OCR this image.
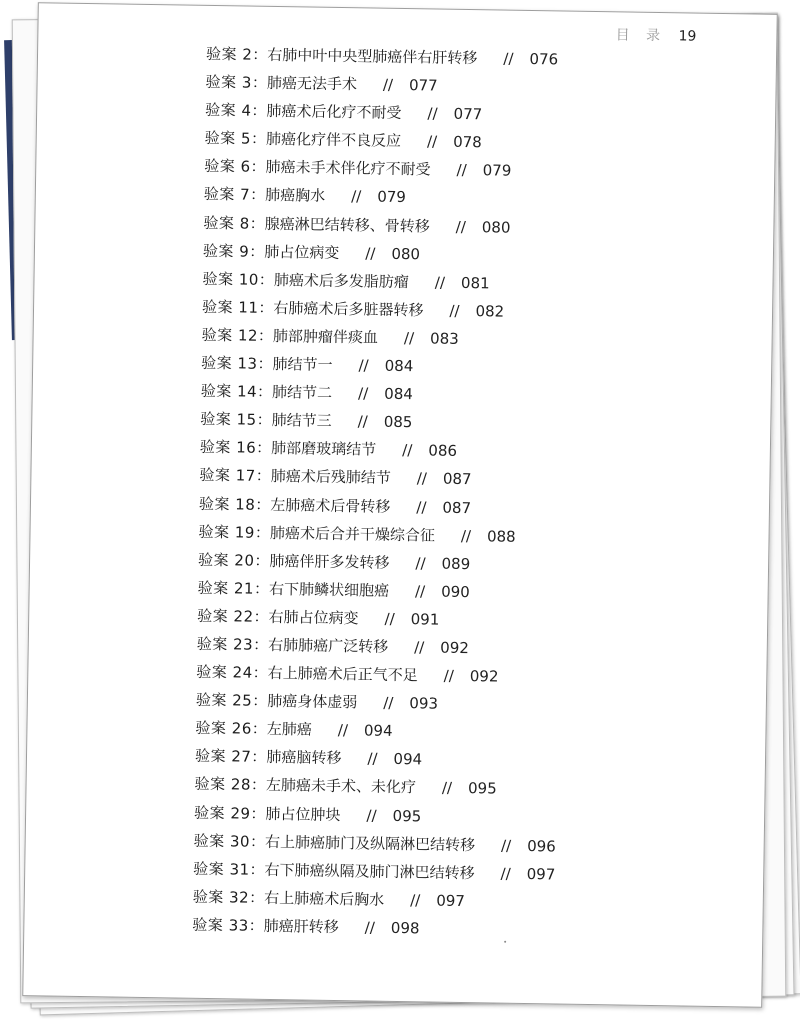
目 录 19
验案 2：右肺中叶中央型肺癌伴右肝转移 // 076
验案 3：肺癌无法手术 // 077
验案 4：肺癌术后化疗不耐受 // 077
验案 5：肺癌化疗伴不良反应 // 078
验案 6：肺癌未手术伴化疗不耐受 // 079
验案 7：肺癌胸水 // 079
验案 8：腺癌淋巴结转移、骨转移 // 080
验案 9：肺占位病变 // 080
验案 10：肺癌术后多发脂肪瘤 // 081
验案 11：右肺癌术后多脏器转移 // 082
验案 12：肺部肿瘤伴痰血 // 083
验案 13：肺结节一 // 084
验案 14：肺结节二 // 084
验案 15：肺结节三 // 085
验案 16：肺部磨玻璃结节 // 086
验案 17：肺癌术后残肺结节 // 087
验案 18：左肺癌术后骨转移 // 087
验案 19：肺癌术后合并干燥综合征 // 088
验案 20：肺癌伴肝多发转移 // 089
验案 21：右下肺鳞状细胞癌 // 090
验案 22：右肺占位病变 // 091
验案 23：右肺肺癌广泛转移 // 092
验案 24：右上肺癌术后正气不足 // 092
验案 25：肺癌身体虚弱 // 093
验案 26：左肺癌 // 094
验案 27：肺癌脑转移 // 094
验案 28：左肺癌未手术、未化疗 // 095
验案 29：肺占位肿块 // 095
验案 30：右上肺癌肺门及纵隔淋巴结转移 // 096
验案 31：右下肺癌纵隔及肺门淋巴结转移 // 097
验案 32：右上肺癌术后胸水 // 097
验案 33：肺癌肝转移 // 098
